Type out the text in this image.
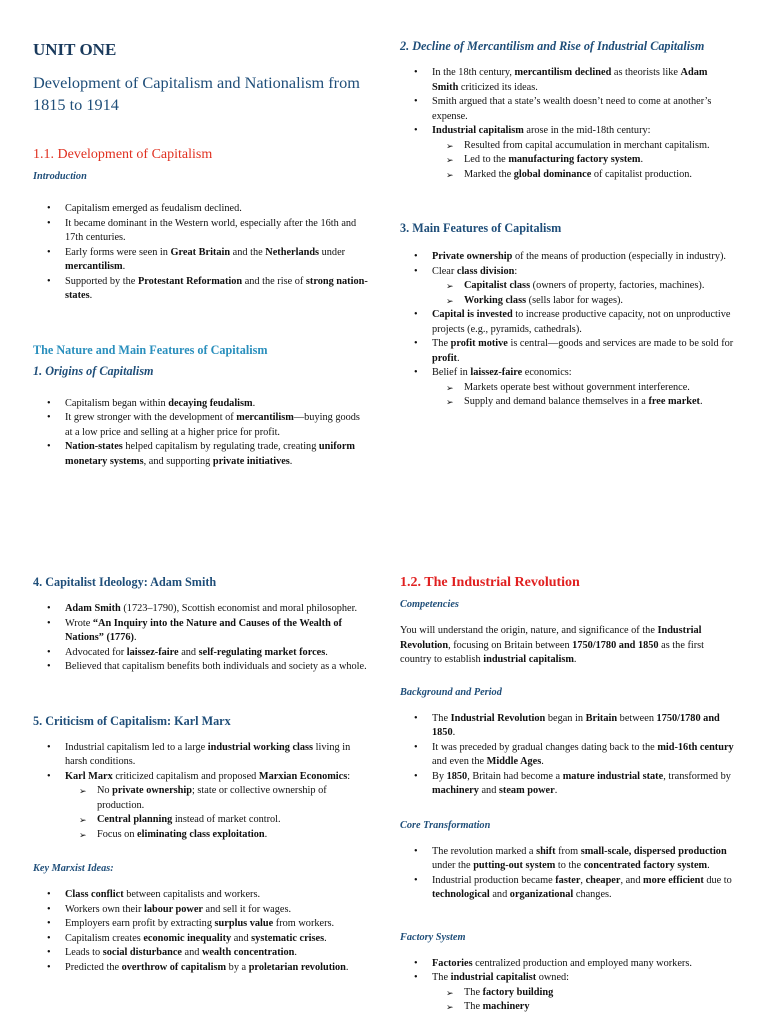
UNIT ONE
Development of Capitalism and Nationalism from 1815 to 1914
1.1. Development of Capitalism
Introduction
• Capitalism emerged as feudalism declined.
• It became dominant in the Western world, especially after the 16th and 17th centuries.
• Early forms were seen in Great Britain and the Netherlands under mercantilism.
• Supported by the Protestant Reformation and the rise of strong nation-states.
The Nature and Main Features of Capitalism
1. Origins of Capitalism
• Capitalism began within decaying feudalism.
• It grew stronger with the development of mercantilism—buying goods at a low price and selling at a higher price for profit.
• Nation-states helped capitalism by regulating trade, creating uniform monetary systems, and supporting private initiatives.
2. Decline of Mercantilism and Rise of Industrial Capitalism
• In the 18th century, mercantilism declined as theorists like Adam Smith criticized its ideas.
• Smith argued that a state’s wealth doesn’t need to come at another’s expense.
• Industrial capitalism arose in the mid-18th century:
➢ Resulted from capital accumulation in merchant capitalism.
➢ Led to the manufacturing factory system.
➢ Marked the global dominance of capitalist production.
3. Main Features of Capitalism
• Private ownership of the means of production (especially in industry).
• Clear class division:
➢ Capitalist class (owners of property, factories, machines).
➢ Working class (sells labor for wages).
• Capital is invested to increase productive capacity, not on unproductive projects (e.g., pyramids, cathedrals).
• The profit motive is central—goods and services are made to be sold for profit.
• Belief in laissez-faire economics:
➢ Markets operate best without government interference.
➢ Supply and demand balance themselves in a free market.
4. Capitalist Ideology: Adam Smith
• Adam Smith (1723–1790), Scottish economist and moral philosopher.
• Wrote “An Inquiry into the Nature and Causes of the Wealth of Nations” (1776).
• Advocated for laissez-faire and self-regulating market forces.
• Believed that capitalism benefits both individuals and society as a whole.
5. Criticism of Capitalism: Karl Marx
• Industrial capitalism led to a large industrial working class living in harsh conditions.
• Karl Marx criticized capitalism and proposed Marxian Economics:
➢ No private ownership; state or collective ownership of production.
➢ Central planning instead of market control.
➢ Focus on eliminating class exploitation.
Key Marxist Ideas:
• Class conflict between capitalists and workers.
• Workers own their labour power and sell it for wages.
• Employers earn profit by extracting surplus value from workers.
• Capitalism creates economic inequality and systematic crises.
• Leads to social disturbance and wealth concentration.
• Predicted the overthrow of capitalism by a proletarian revolution.
1.2. The Industrial Revolution
Competencies

You will understand the origin, nature, and significance of the Industrial Revolution, focusing on Britain between 1750/1780 and 1850 as the first country to establish industrial capitalism.

Background and Period
• The Industrial Revolution began in Britain between 1750/1780 and 1850.
• It was preceded by gradual changes dating back to the mid-16th century and even the Middle Ages.
• By 1850, Britain had become a mature industrial state, transformed by machinery and steam power.
Core Transformation
• The revolution marked a shift from small-scale, dispersed production under the putting-out system to the concentrated factory system.
• Industrial production became faster, cheaper, and more efficient due to technological and organizational changes.
Factory System
• Factories centralized production and employed many workers.
• The industrial capitalist owned:
➢ The factory building
➢ The machinery
